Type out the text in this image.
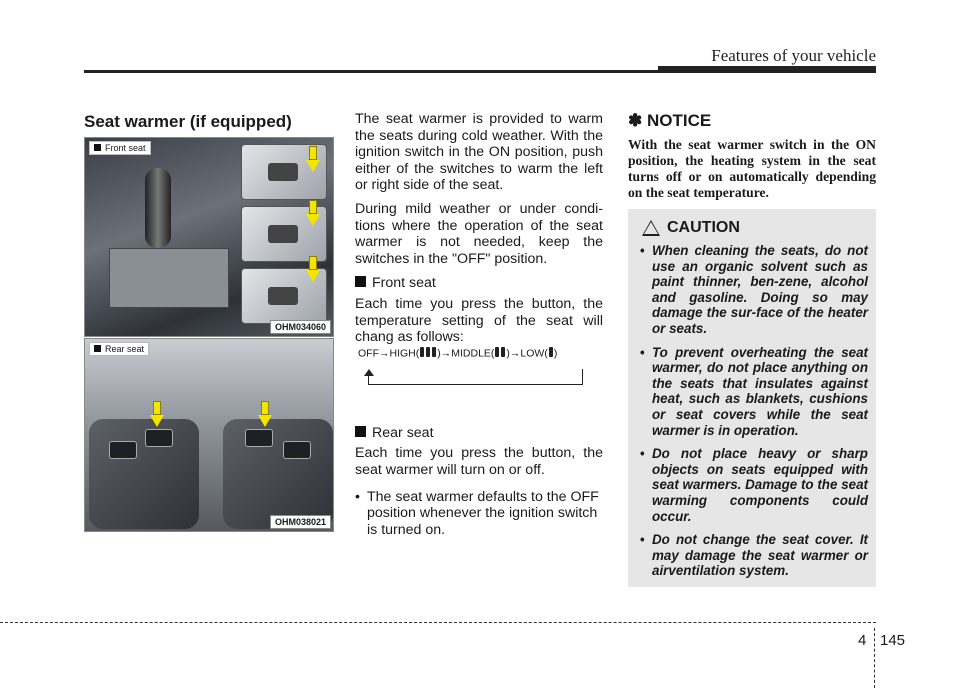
Features of your vehicle
Seat warmer (if equipped)
Front seat
OHM034060
Rear seat
OHM038021

The seat warmer is provided to warm the seats during cold weather. With the ignition switch in the ON position, push either of the switches to warm the left or right side of the seat.

During mild weather or under condi-tions where the operation of the seat warmer is not needed, keep the switches in the "OFF" position.

Front seat

Each time you press the button, the temperature setting of the seat will chang as follows:

Rear seat

Each time you press the button, the seat warmer will turn on or off.

• The seat warmer defaults to the OFF position whenever the ignition switch is turned on.
OFF→HIGH( )→MIDDLE( )→LOW( )
✽ NOTICE
With the seat warmer switch in the ON position, the heating system in the seat turns off or on automatically depending on the seat temperature.
CAUTION
• When cleaning the seats, do not use an organic solvent such as paint thinner, ben-zene, alcohol and gasoline. Doing so may damage the sur-face of the heater or seats.
• To prevent overheating the seat warmer, do not place anything on the seats that insulates against heat, such as blankets, cushions or seat covers while the seat warmer is in operation.
• Do not place heavy or sharp objects on seats equipped with seat warmers. Damage to the seat warming components could occur.
• Do not change the seat cover. It may damage the seat warmer or airventilation system.
4 145
